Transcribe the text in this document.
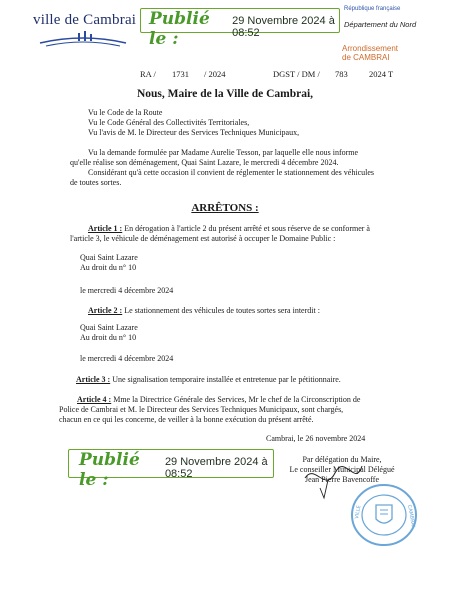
ville de Cambrai Publié le :
29 Novembre 2024 à 08:52
République française
Département du Nord
Arrondissement
de CAMBRAI
RA / 1731 / 2024	DGST / DM / 783	2024 T
Nous, Maire de la Ville de Cambrai,
Vu le Code de la Route
Vu le Code Général des Collectivités Territoriales,
Vu l'avis de M. le Directeur des Services Techniques Municipaux,
Vu la demande formulée par Madame Aurelie Tesson, par laquelle elle nous informe
qu'elle réalise son déménagement, Quai Saint Lazare, le mercredi 4 décembre 2024.
Considérant qu'à cette occasion il convient de réglementer le stationnement des véhicules
de toutes sortes.
ARRÊTONS :
Article 1 : En dérogation à l'article 2 du présent arrêté et sous réserve de se conformer à
l'article 3, le véhicule de déménagement est autorisé à occuper le Domaine Public :
Quai Saint Lazare
Au droit du n° 10
le mercredi 4 décembre 2024
Article 2 : Le stationnement des véhicules de toutes sortes sera interdit :
Quai Saint Lazare
Au droit du n° 10
le mercredi 4 décembre 2024
Article 3 : Une signalisation temporaire installée et entretenue par le pétitionnaire.
Article 4 : Mme la Directrice Générale des Services, Mr le chef de la Circonscription de
Police de Cambrai et M. le Directeur des Services Techniques Municipaux, sont chargés,
chacun en ce qui les concerne, de veiller à la bonne exécution du présent arrêté.
Cambrai, le 26 novembre 2024
Par délégation du Maire,
Le conseiller Municipal Délégué
Jean Pierre Bavencoffe
Publié le :
29 Novembre 2024 à 08:52
VILLE	CAMBRAI
